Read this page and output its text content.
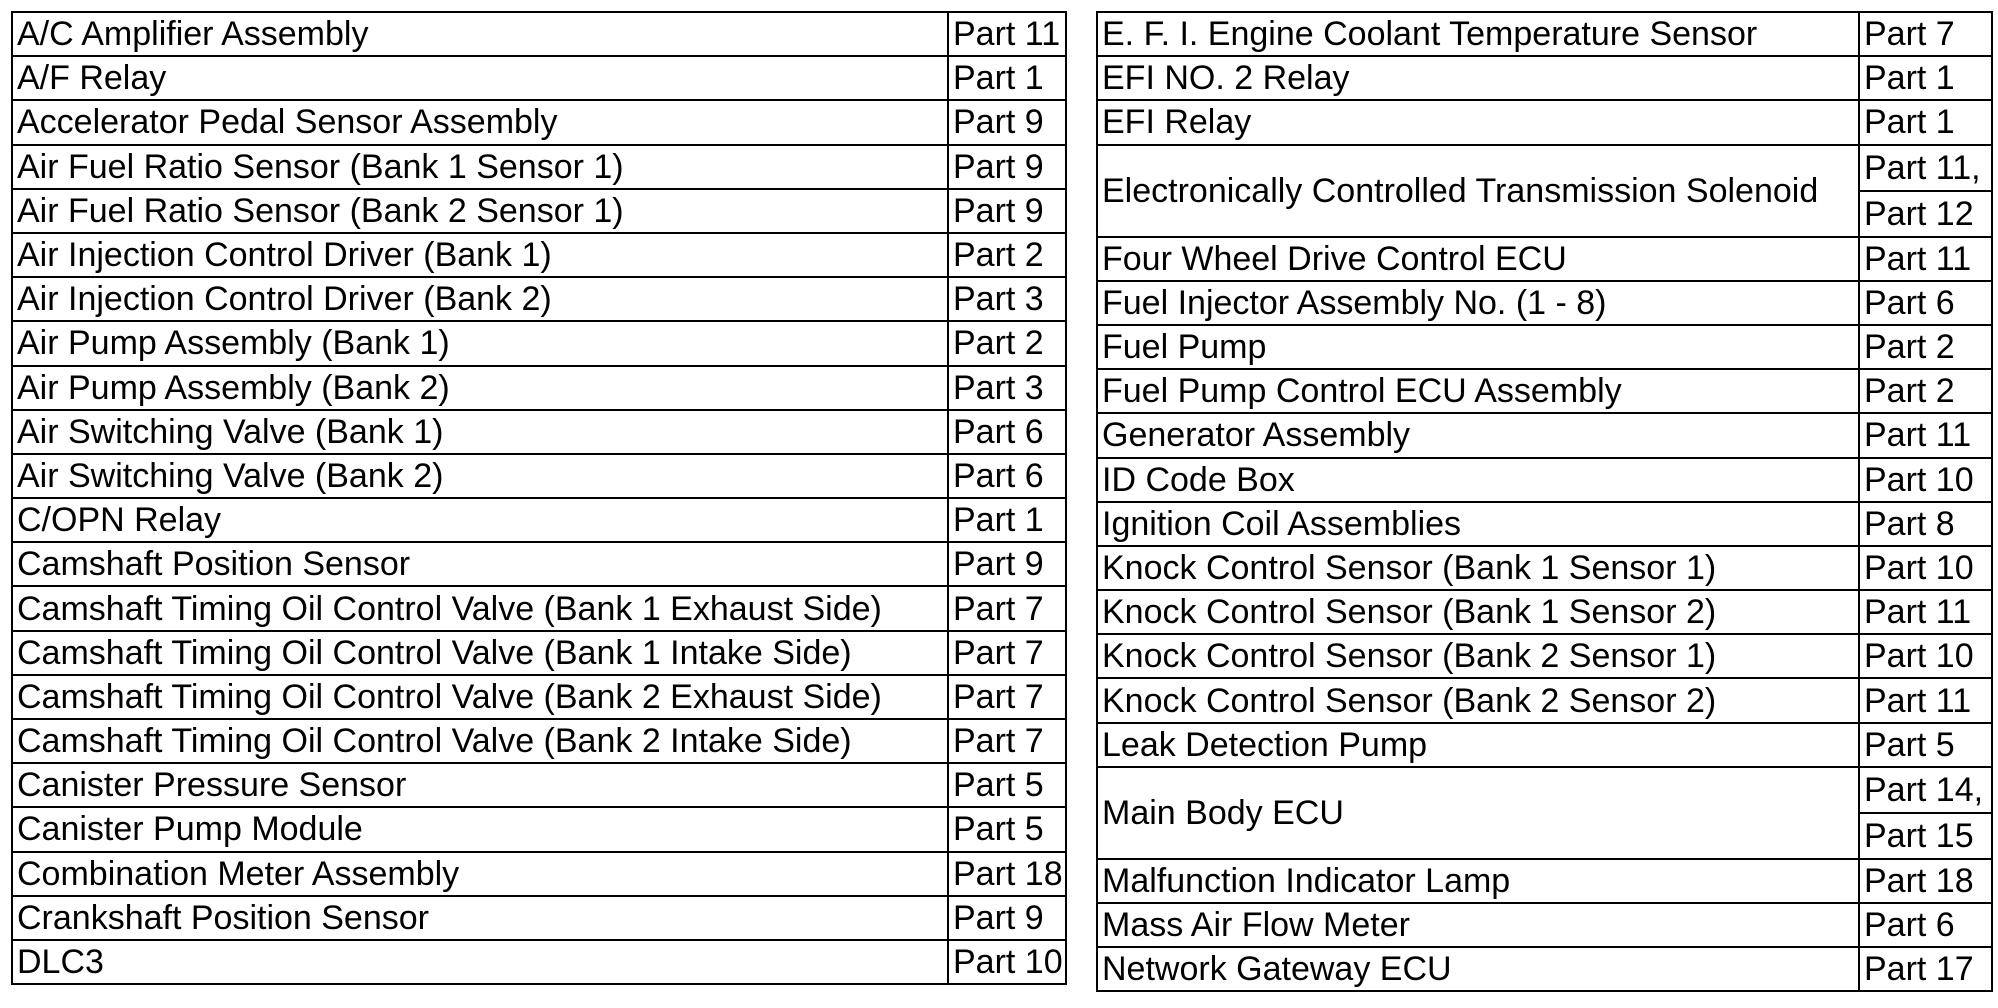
A/C Amplifier Assembly	Part 11
A/F Relay	Part 1
Accelerator Pedal Sensor Assembly	Part 9
Air Fuel Ratio Sensor (Bank 1 Sensor 1)	Part 9
Air Fuel Ratio Sensor (Bank 2 Sensor 1)	Part 9
Air Injection Control Driver (Bank 1)	Part 2
Air Injection Control Driver (Bank 2)	Part 3
Air Pump Assembly (Bank 1)	Part 2
Air Pump Assembly (Bank 2)	Part 3
Air Switching Valve (Bank 1)	Part 6
Air Switching Valve (Bank 2)	Part 6
C/OPN Relay	Part 1
Camshaft Position Sensor	Part 9
Camshaft Timing Oil Control Valve (Bank 1 Exhaust Side)	Part 7
Camshaft Timing Oil Control Valve (Bank 1 Intake Side)	Part 7
Camshaft Timing Oil Control Valve (Bank 2 Exhaust Side)	Part 7
Camshaft Timing Oil Control Valve (Bank 2 Intake Side)	Part 7
Canister Pressure Sensor	Part 5
Canister Pump Module	Part 5
Combination Meter Assembly	Part 18
Crankshaft Position Sensor	Part 9
DLC3	Part 10
E. F. I. Engine Coolant Temperature Sensor	Part 7
EFI NO. 2 Relay	Part 1
EFI Relay	Part 1
Electronically Controlled Transmission Solenoid	Part 11,
	Part 12
Four Wheel Drive Control ECU	Part 11
Fuel Injector Assembly No. (1 - 8)	Part 6
Fuel Pump	Part 2
Fuel Pump Control ECU Assembly	Part 2
Generator Assembly	Part 11
ID Code Box	Part 10
Ignition Coil Assemblies	Part 8
Knock Control Sensor (Bank 1 Sensor 1)	Part 10
Knock Control Sensor (Bank 1 Sensor 2)	Part 11
Knock Control Sensor (Bank 2 Sensor 1)	Part 10
Knock Control Sensor (Bank 2 Sensor 2)	Part 11
Leak Detection Pump	Part 5
Main Body ECU	Part 14,
	Part 15
Malfunction Indicator Lamp	Part 18
Mass Air Flow Meter	Part 6
Network Gateway ECU	Part 17
